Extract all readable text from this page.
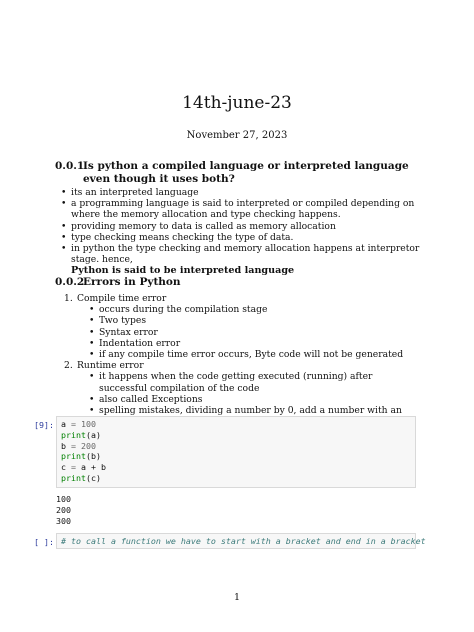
14th-june-23
November 27, 2023
0.0.1Is python a compiled language or interpreted language even though it uses both?
• its an interpreted language
• a programming language is said to interpreted or compiled depending on where the memory allocation and type checking happens.
• providing memory to data is called as memory allocation
• type checking means checking the type of data.
• in python the type checking and memory allocation happens at interpretor stage. hence,
Python is said to be interpreted language
0.0.2Errors in Python
1. Compile time error
• occurs during the compilation stage
• Two types
• Syntax error
• Indentation error
• if any compile time error occurs, Byte code will not be generated
2. Runtime error
• it happens when the code getting executed (running) after successful compilation of the code
• also called Exceptions
• spelling mistakes, dividing a number by 0, add a number with an
[9]: a = 100
print(a)
b = 200
print(b)
c = a + b
print(c)
100
200
300
[ ]: # to call a function we have to start with a bracket and end in a bracket
1
